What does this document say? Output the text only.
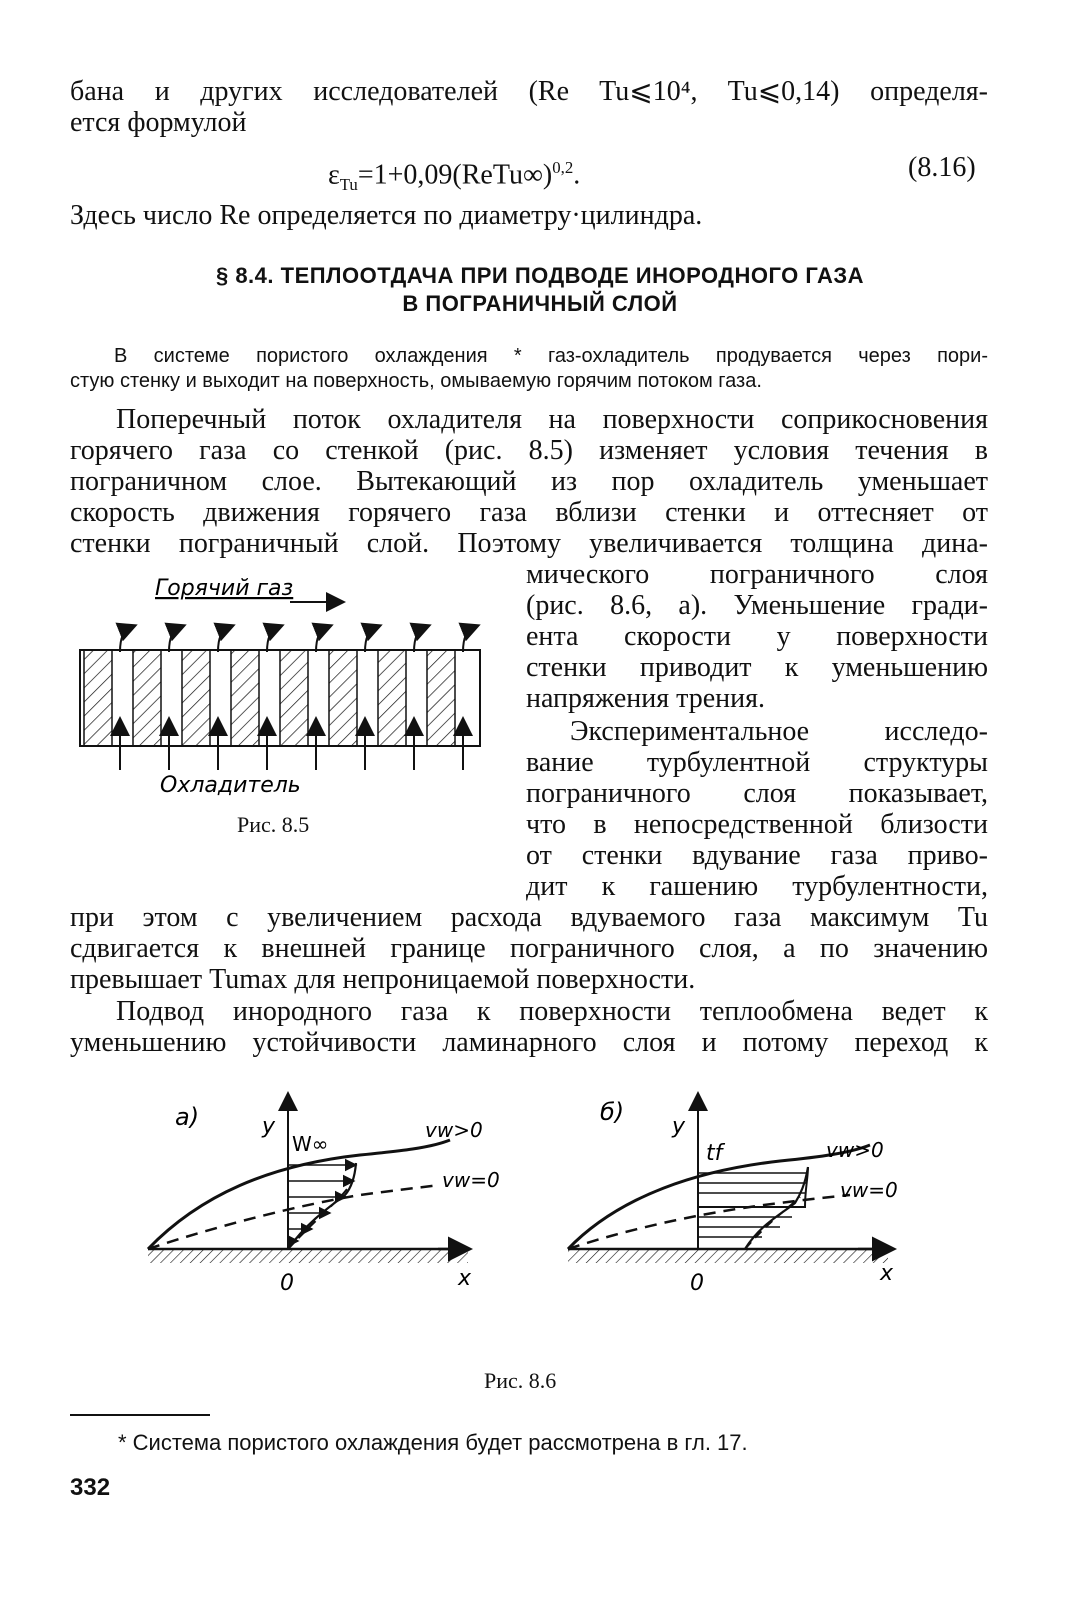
бана и других исследователей (Re Tu⩽10⁴, Tu⩽0,14) определя-
ется формулой
$\varepsilon_{Tu}=1+0,09(ReTu\infty)^{0,2}$.	(8.16)
Здесь число Re определяется по диаметру·цилиндра.
§ 8.4. ТЕПЛООТДАЧА ПРИ ПОДВОДЕ ИНОРОДНОГО ГАЗА
В ПОГРАНИЧНЫЙ СЛОЙ
В системе пористого охлаждения * газ-охладитель продувается через пори-
стую стенку и выходит на поверхность, омываемую горячим потоком газа.
Поперечный поток охладителя на поверхности соприкосновения
горячего газа со стенкой (рис. 8.5) изменяет условия течения в
пограничном слое. Вытекающий из пор охладитель уменьшает
скорость движения горячего газа вблизи стенки и оттесняет от
стенки пограничный слой. Поэтому увеличивается толщина дина-
мического пограничного слоя
(рис. 8.6, а). Уменьшение гради-
ента скорости у поверхности
стенки приводит к уменьшению
напряжения трения.
Экспериментальное исследо-
вание турбулентной структуры
пограничного слоя показывает,
что в непосредственной близости
от стенки вдувание газа приво-
дит к гашению турбулентности,
при этом с увеличением расхода вдуваемого газа максимум Tu
сдвигается к внешней границе пограничного слоя, а по значению
превышает Tumax для непроницаемой поверхности.
Подвод инородного газа к поверхности теплообмена ведет к
уменьшению устойчивости ламинарного слоя и потому переход к
Горячий газ
Охладитель
Рис. 8.5
а)	y
x
0
W∞
vw>0
vw=0
б)
y
x
0
tf	vw>0
vw=0
Рис. 8.6
* Система пористого охлаждения будет рассмотрена в гл. 17.
332
